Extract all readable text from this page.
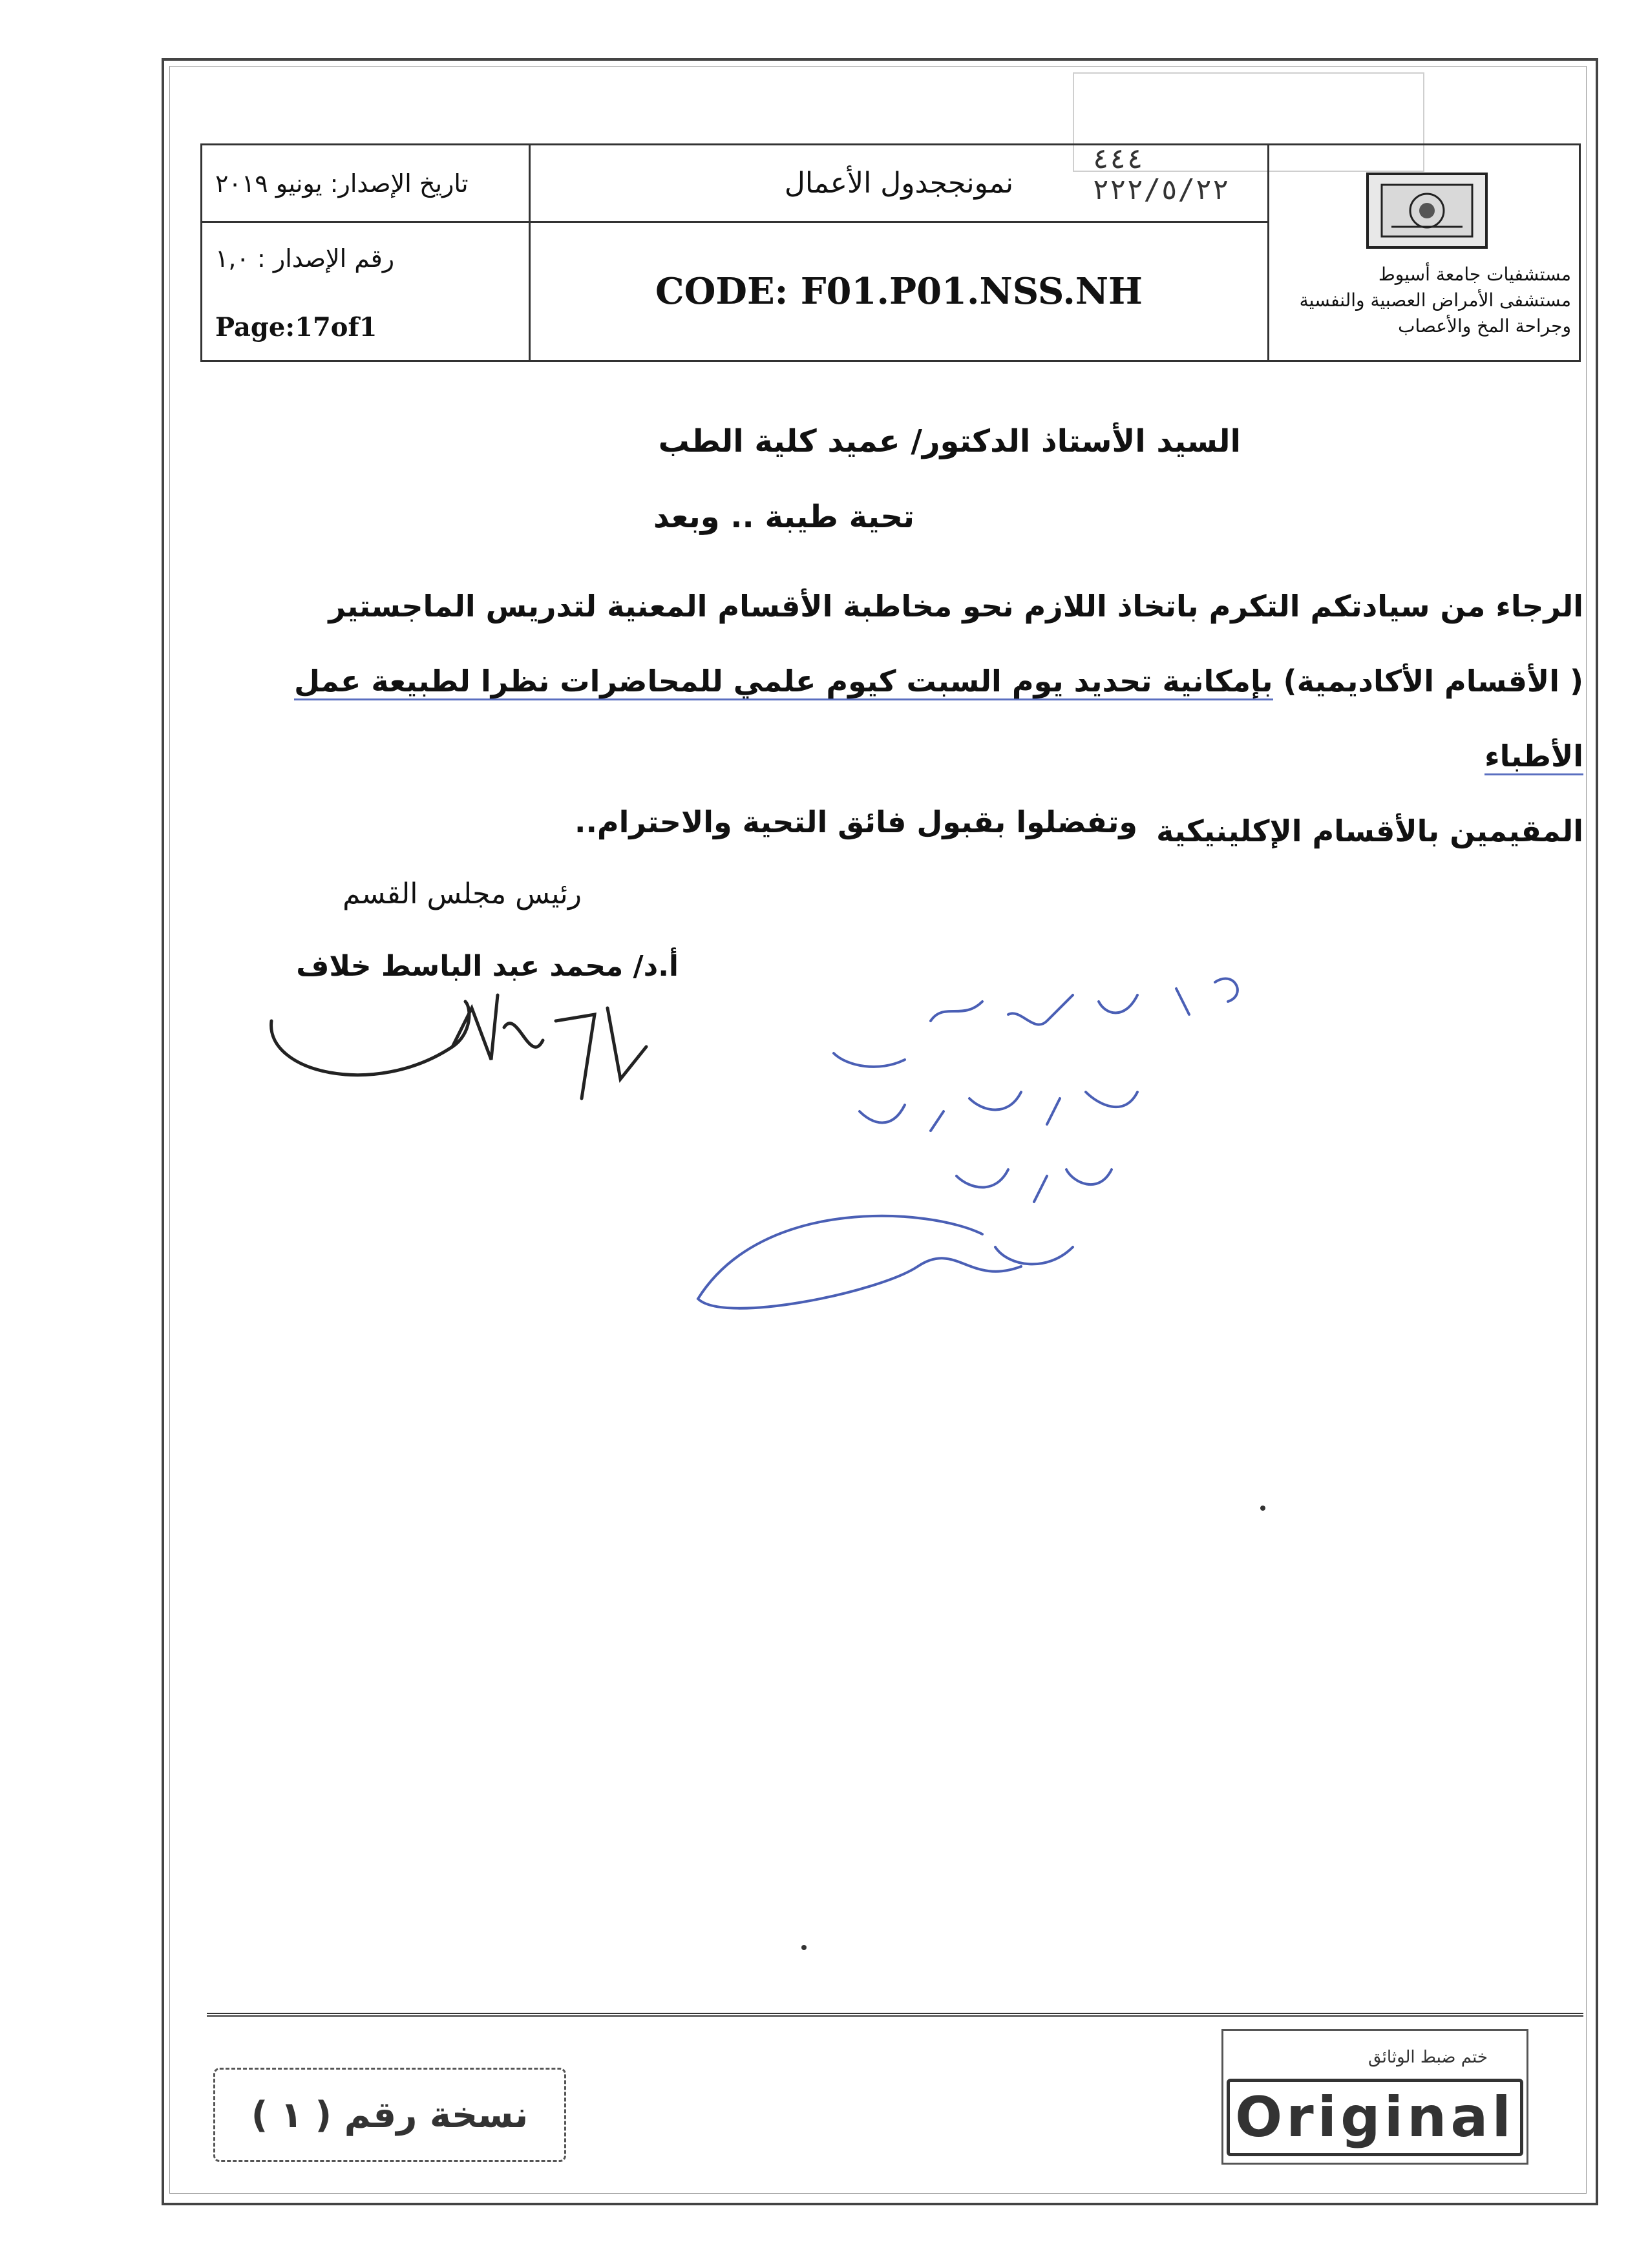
تاريخ الإصدار: يونيو ٢٠١٩
رقم الإصدار : ١,٠
Page:17of1
نمونججدول الأعمال
CODE: F01.P01.NSS.NH	مستشفيات جامعة أسيوط
مستشفى الأمراض العصبية والنفسية
وجراحة المخ والأعصاب
٤٤٤
٢٢٢/٥/٢٢
السيد الأستاذ الدكتور/ عميد كلية الطب
تحية طيبة .. وبعد
الرجاء من سيادتكم التكرم باتخاذ اللازم نحو مخاطبة الأقسام المعنية لتدريس الماجستير
( الأقسام الأكاديمية) بإمكانية تحديد يوم السبت كيوم علمي للمحاضرات نظرا لطبيعة عمل الأطباء
المقيمين بالأقسام الإكلينيكية
وتفضلوا بقبول فائق التحية والاحترام..
رئيس مجلس القسم
أ.د/ محمد عبد الباسط خلاف
نسخة رقم ( ١ )
ختم ضبط الوثائق
Original
